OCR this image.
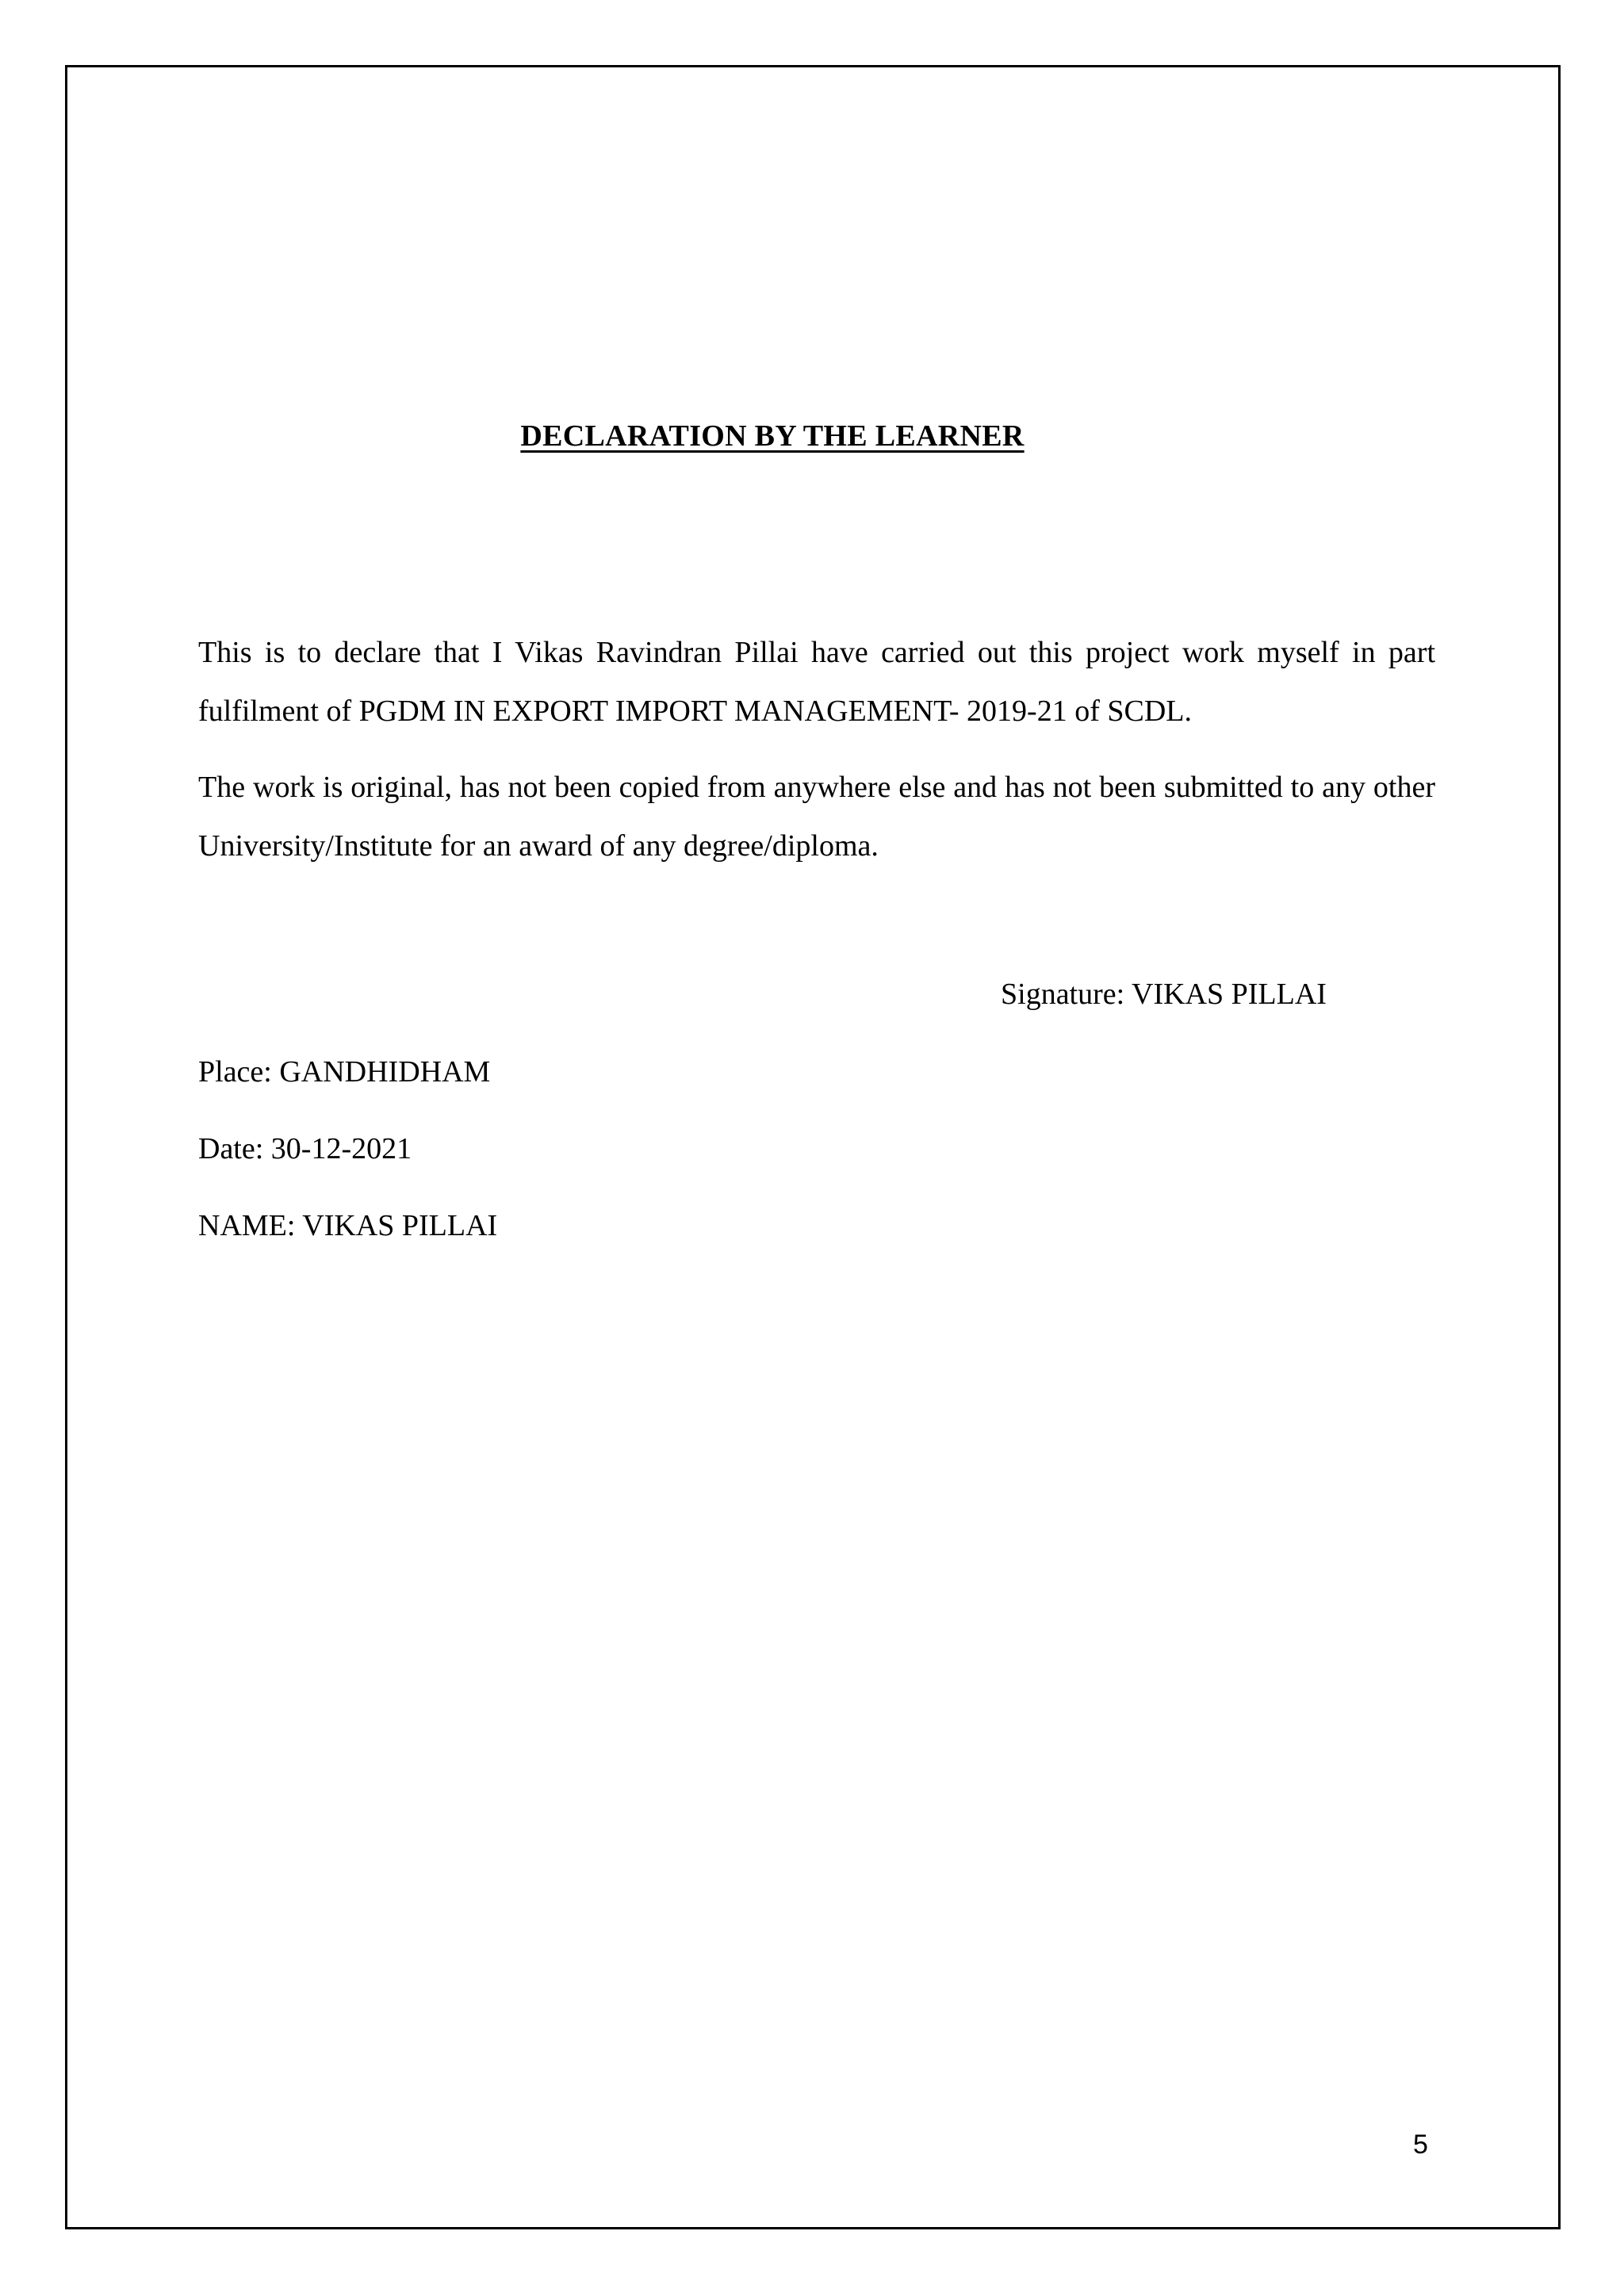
DECLARATION BY THE LEARNER
This is to declare that I Vikas Ravindran Pillai have carried out this project work myself in part fulfilment of PGDM IN EXPORT IMPORT MANAGEMENT- 2019-21 of SCDL.
The work is original, has not been copied from anywhere else and has not been submitted to any other University/Institute for an award of any degree/diploma.
Signature: VIKAS PILLAI
Place: GANDHIDHAM
Date: 30-12-2021
NAME: VIKAS PILLAI
5
